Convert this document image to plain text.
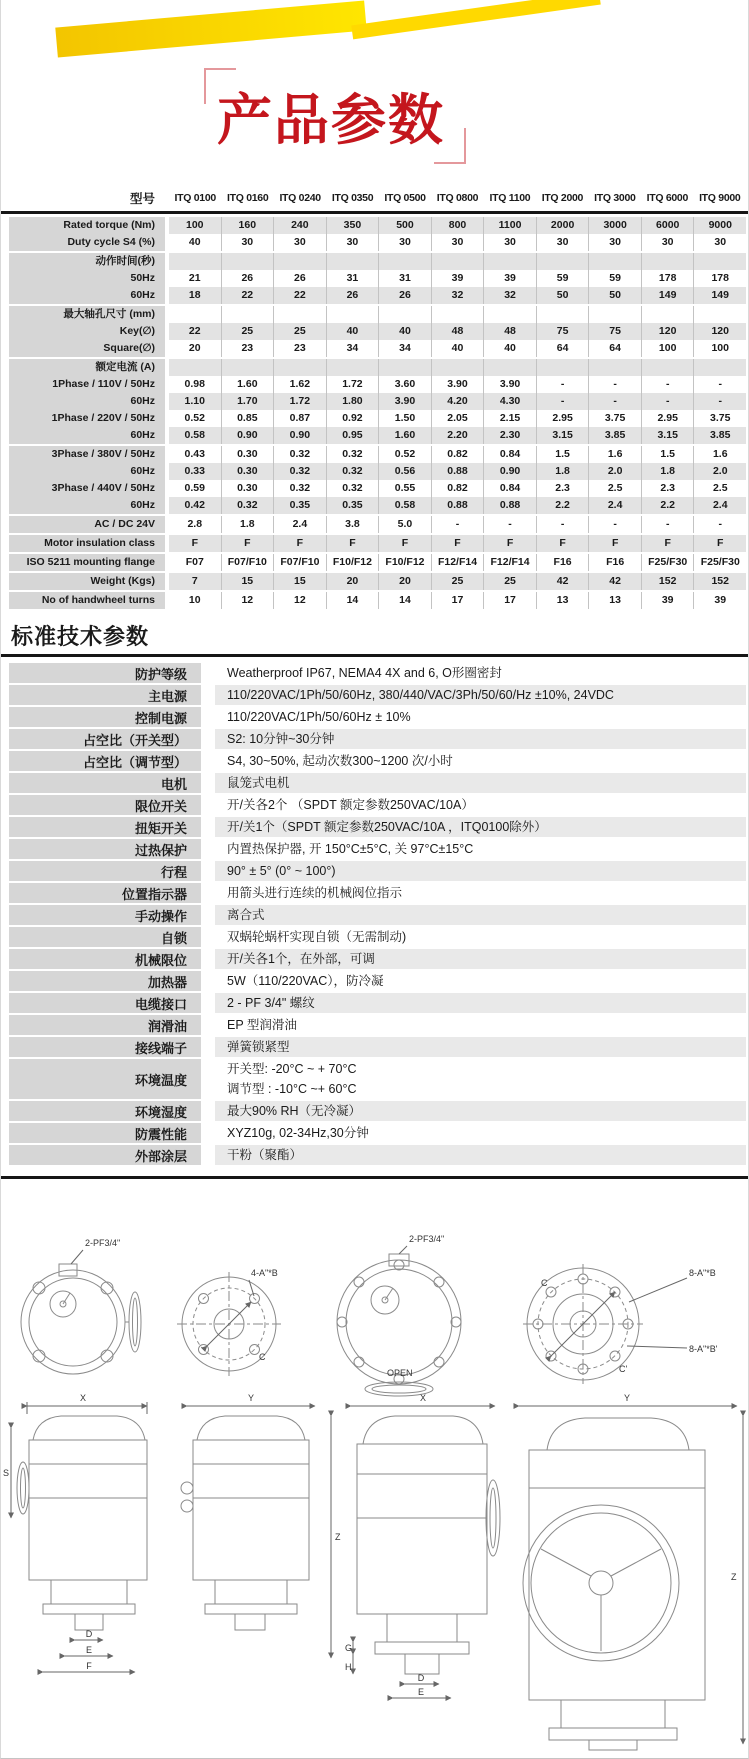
产品参数
型号	ITQ 0100	ITQ 0160	ITQ 0240	ITQ 0350	ITQ 0500	ITQ 0800	ITQ 1100	ITQ 2000	ITQ 3000	ITQ 6000	ITQ 9000
Rated torque (Nm)	100	160	240	350	500	800	1100	2000	3000	6000	9000
Duty cycle S4 (%)	40	30	30	30	30	30	30	30	30	30	30
动作时间(秒)
50Hz	21	26	26	31	31	39	39	59	59	178	178
60Hz	18	22	22	26	26	32	32	50	50	149	149
最大轴孔尺寸 (mm)
Key(∅)	22	25	25	40	40	48	48	75	75	120	120
Square(∅)	20	23	23	34	34	40	40	64	64	100	100
额定电流 (A)
1Phase / 110V / 50Hz	0.98	1.60	1.62	1.72	3.60	3.90	3.90	-	-	-	-
60Hz	1.10	1.70	1.72	1.80	3.90	4.20	4.30	-	-	-	-
1Phase / 220V / 50Hz	0.52	0.85	0.87	0.92	1.50	2.05	2.15	2.95	3.75	2.95	3.75
60Hz	0.58	0.90	0.90	0.95	1.60	2.20	2.30	3.15	3.85	3.15	3.85
3Phase / 380V / 50Hz	0.43	0.30	0.32	0.32	0.52	0.82	0.84	1.5	1.6	1.5	1.6
60Hz	0.33	0.30	0.32	0.32	0.56	0.88	0.90	1.8	2.0	1.8	2.0
3Phase / 440V / 50Hz	0.59	0.30	0.32	0.32	0.55	0.82	0.84	2.3	2.5	2.3	2.5
60Hz	0.42	0.32	0.35	0.35	0.58	0.88	0.88	2.2	2.4	2.2	2.4
AC / DC 24V	2.8	1.8	2.4	3.8	5.0	-	-	-	-	-	-
Motor insulation class	F	F	F	F	F	F	F	F	F	F	F
ISO 5211 mounting flange	F07	F07/F10	F07/F10	F10/F12	F10/F12	F12/F14	F12/F14	F16	F16	F25/F30	F25/F30
Weight (Kgs)	7	15	15	20	20	25	25	42	42	152	152
No of handwheel turns	10	12	12	14	14	17	17	13	13	39	39
标准技术参数
防护等级	Weatherproof IP67, NEMA4 4X and 6, O形圈密封
主电源	110/220VAC/1Ph/50/60Hz, 380/440/VAC/3Ph/50/60/Hz ±10%, 24VDC
控制电源	110/220VAC/1Ph/50/60Hz ± 10%
占空比（开关型）	S2: 10分钟~30分钟
占空比（调节型）	S4, 30~50%, 起动次数300~1200 次/小时
电机	鼠笼式电机
限位开关	开/关各2个 （SPDT 额定参数250VAC/10A）
扭矩开关	开/关1个（SPDT 额定参数250VAC/10A ，ITQ0100除外）
过热保护	内置热保护器, 开 150°C±5°C, 关 97°C±15°C
行程	90° ± 5° (0° ~ 100°)
位置指示器	用箭头进行连续的机械阀位指示
手动操作	离合式
自锁	双蜗轮蜗杆实现自锁（无需制动)
机械限位	开/关各1个，在外部，可调
加热器	5W（110/220VAC），防冷凝
电缆接口	2 - PF 3/4" 螺纹
润滑油	EP 型润滑油
接线端子	弹簧锁紧型
环境温度
开关型: -20°C ~ + 70°C
调节型 : -10°C ~+ 60°C
环境湿度	最大90% RH（无冷凝）
防震性能	XYZ10g, 02-34Hz,30分钟
外部涂层	干粉（聚酯）
2-PF3/4"
4-A"*B
C
X
S
D
E
F
Y
Z
2-PF3/4"
OPEN
8-A"*B
8-A"*B'
C
C'
X
G
H
D
E
Y
Z
